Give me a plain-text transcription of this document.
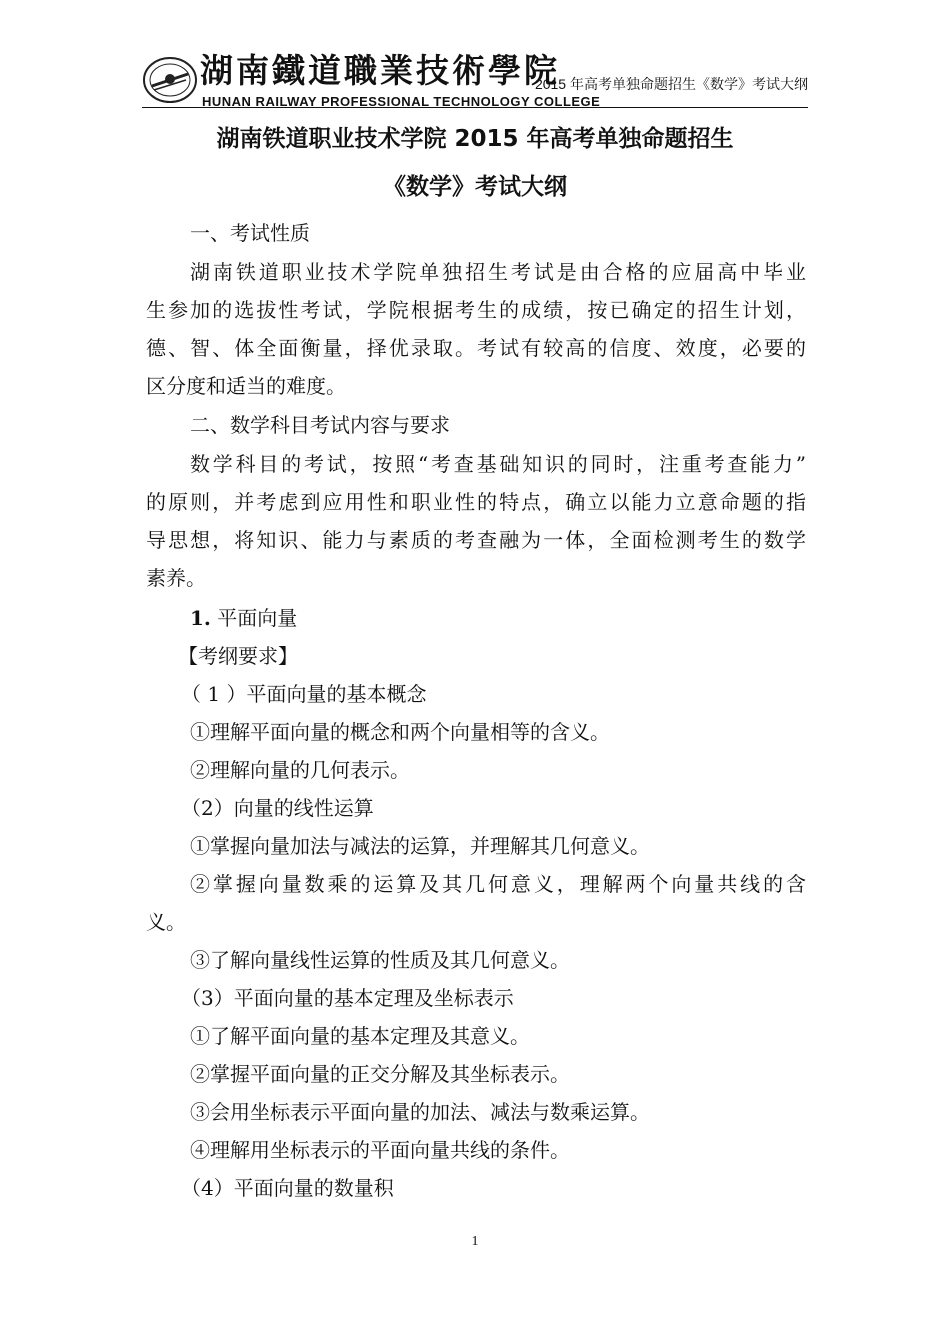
湖南鐵道職業技術學院
HUNAN RAILWAY PROFESSIONAL TECHNOLOGY COLLEGE
2015 年高考单独命题招生《数学》考试大纲
湖南铁道职业技术学院 2015 年高考单独命题招生
《数学》考试大纲
一、考试性质
湖南铁道职业技术学院单独招生考试是由合格的应届高中毕业
生参加的选拔性考试，学院根据考生的成绩，按已确定的招生计划，
德、智、体全面衡量，择优录取。考试有较高的信度、效度，必要的
区分度和适当的难度。
二、数学科目考试内容与要求
数学科目的考试，按照“考查基础知识的同时，注重考查能力”
的原则，并考虑到应用性和职业性的特点，确立以能力立意命题的指
导思想，将知识、能力与素质的考查融为一体，全面检测考生的数学
素养。
1. 平面向量
【考纲要求】
（ 1 ）平面向量的基本概念
①理解平面向量的概念和两个向量相等的含义。
②理解向量的几何表示。
（2）向量的线性运算
①掌握向量加法与减法的运算，并理解其几何意义。
②掌握向量数乘的运算及其几何意义，理解两个向量共线的含
义。
③了解向量线性运算的性质及其几何意义。
（3）平面向量的基本定理及坐标表示
①了解平面向量的基本定理及其意义。
②掌握平面向量的正交分解及其坐标表示。
③会用坐标表示平面向量的加法、减法与数乘运算。
④理解用坐标表示的平面向量共线的条件。
（4）平面向量的数量积
1
